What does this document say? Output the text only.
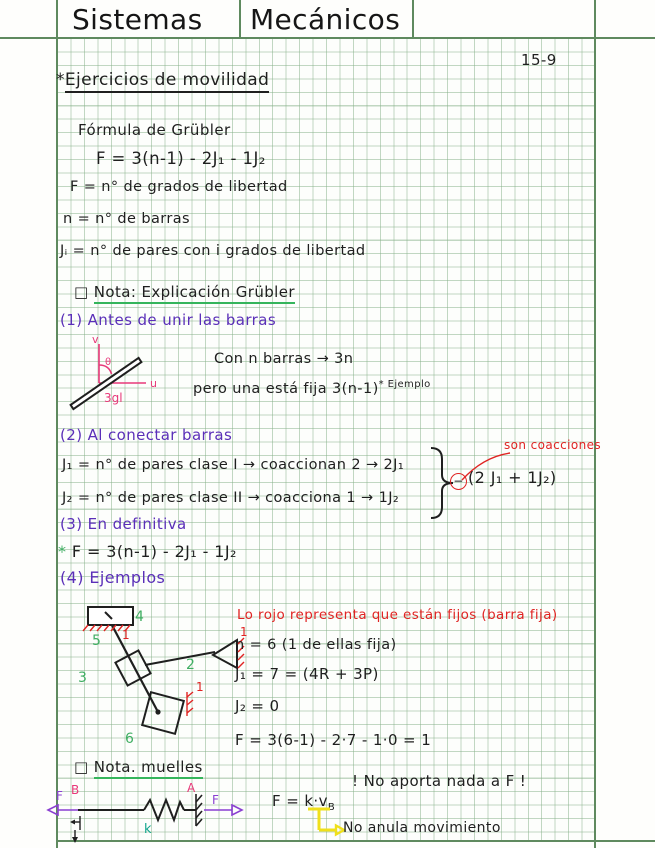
Sistemas Mecánicos
15-9
*Ejercicios de movilidad
Fórmula de Grübler
F = 3(n-1) - 2J₁ - 1J₂
F = n° de grados de libertad
n = n° de barras
Jᵢ = n° de pares con i grados de libertad
□ Nota: Explicación Grübler
(1) Antes de unir las barras
θ
v
u
3gl
Con n barras → 3n
pero una está fija $3(n-1)^{* Ejemplo}$
(2) Al conectar barras
J₁ = n° de pares clase I → coaccionan 2 → 2J₁
J₂ = n° de pares clase II → coacciona 1 → 1J₂
son coacciones
− (2 J₁ + 1J₂)
(3) En definitiva
* F = 3(n-1) - 2J₁ - 1J₂
(4) Ejemplos
4
1
5
3
2
1
1
6
Lo rojo representa que están fijos (barra fija)
n = 6 (1 de ellas fija)
J₁ = 7 = (4R + 3P)
J₂ = 0
F = 3(6-1) - 2·7 - 1·0 = 1
□ Nota. muelles
F B
k
A
F	$F = k\cdot v_B$
! No aporta nada a F !
No anula movimiento
